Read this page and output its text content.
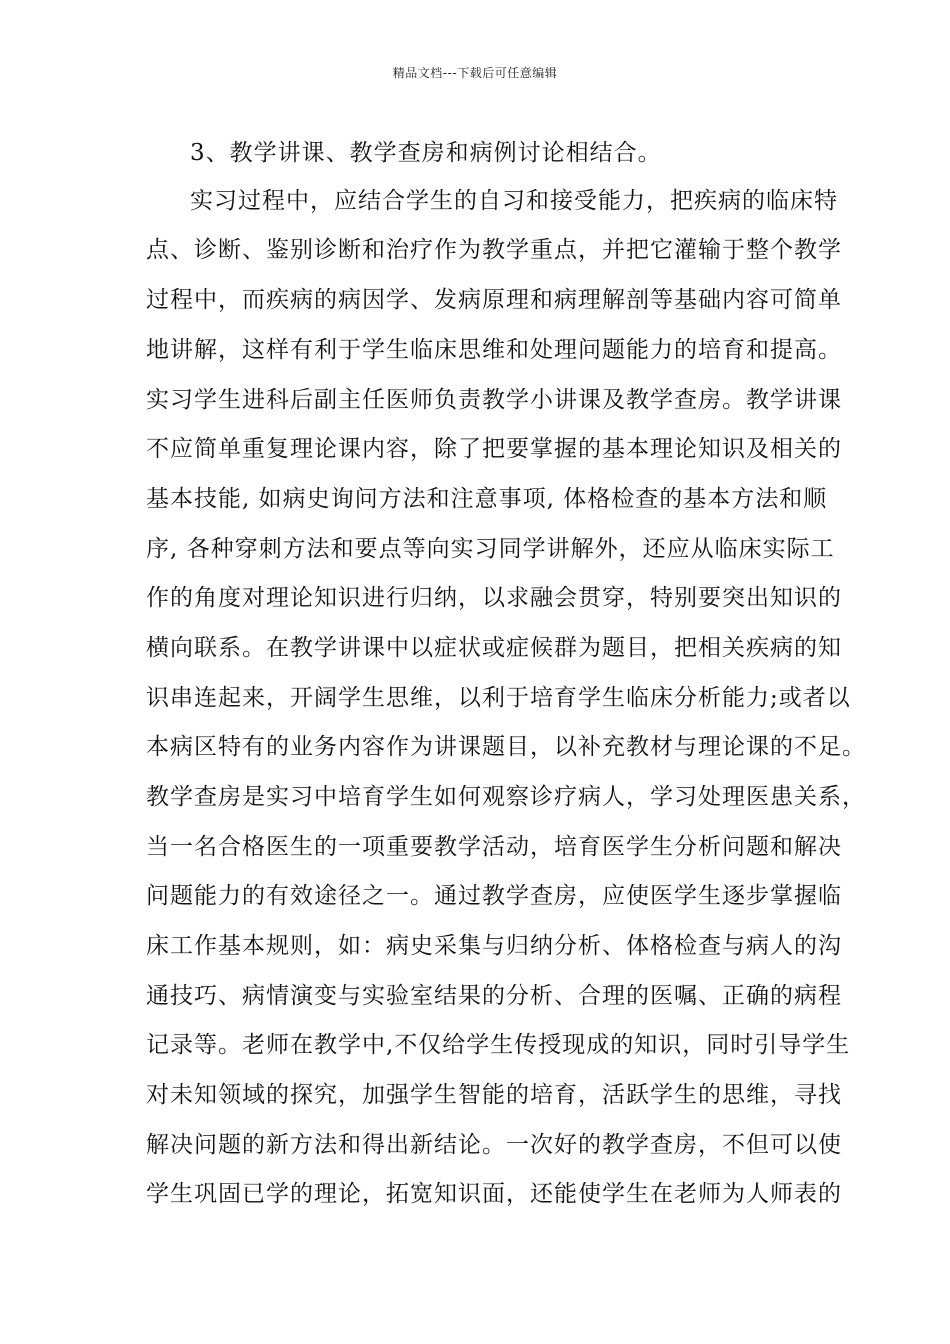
精品文档---下载后可任意编辑
3、教学讲课、教学查房和病例讨论相结合。
实习过程中，应结合学生的自习和接受能力，把疾病的临床特
点、诊断、鉴别诊断和治疗作为教学重点，并把它灌输于整个教学
过程中，而疾病的病因学、发病原理和病理解剖等基础内容可简单
地讲解，这样有利于学生临床思维和处理问题能力的培育和提高。
实习学生进科后副主任医师负责教学小讲课及教学查房。教学讲课
不应简单重复理论课内容，除了把要掌握的基本理论知识及相关的
基本技能, 如病史询问方法和注意事项, 体格检查的基本方法和顺
序, 各种穿刺方法和要点等向实习同学讲解外，还应从临床实际工
作的角度对理论知识进行归纳，以求融会贯穿，特别要突出知识的
横向联系。在教学讲课中以症状或症候群为题目，把相关疾病的知
识串连起来，开阔学生思维，以利于培育学生临床分析能力;或者以
本病区特有的业务内容作为讲课题目，以补充教材与理论课的不足。
教学查房是实习中培育学生如何观察诊疗病人，学习处理医患关系，
当一名合格医生的一项重要教学活动，培育医学生分析问题和解决
问题能力的有效途径之一。通过教学查房，应使医学生逐步掌握临
床工作基本规则，如：病史采集与归纳分析、体格检查与病人的沟
通技巧、病情演变与实验室结果的分析、合理的医嘱、正确的病程
记录等。老师在教学中,不仅给学生传授现成的知识，同时引导学生
对未知领域的探究，加强学生智能的培育，活跃学生的思维，寻找
解决问题的新方法和得出新结论。一次好的教学查房，不但可以使
学生巩固已学的理论，拓宽知识面，还能使学生在老师为人师表的
